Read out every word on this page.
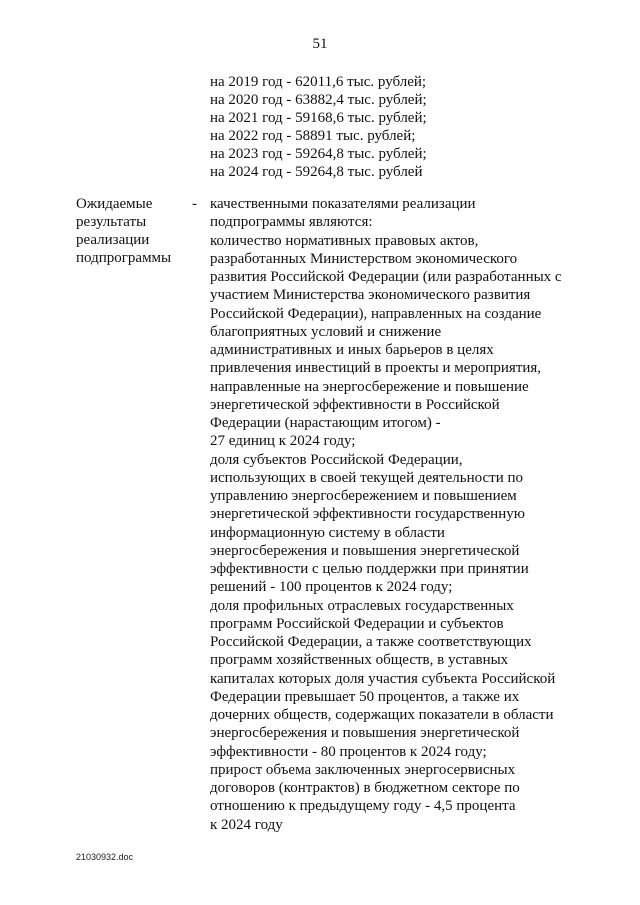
51
на 2019 год - 62011,6 тыс. рублей;
на 2020 год - 63882,4 тыс. рублей;
на 2021 год - 59168,6 тыс. рублей;
на 2022 год - 58891 тыс. рублей;
на 2023 год - 59264,8 тыс. рублей;
на 2024 год - 59264,8 тыс. рублей
Ожидаемые
результаты
реализации
подпрограммы
- качественными показателями реализации
подпрограммы являются:
количество нормативных правовых актов,
разработанных Министерством экономического
развития Российской Федерации (или разработанных с
участием Министерства экономического развития
Российской Федерации), направленных на создание
благоприятных условий и снижение
административных и иных барьеров в целях
привлечения инвестиций в проекты и мероприятия,
направленные на энергосбережение и повышение
энергетической эффективности в Российской
Федерации (нарастающим итогом) -
27 единиц к 2024 году;
доля субъектов Российской Федерации,
использующих в своей текущей деятельности по
управлению энергосбережением и повышением
энергетической эффективности государственную
информационную систему в области
энергосбережения и повышения энергетической
эффективности с целью поддержки при принятии
решений - 100 процентов к 2024 году;
доля профильных отраслевых государственных
программ Российской Федерации и субъектов
Российской Федерации, а также соответствующих
программ хозяйственных обществ, в уставных
капиталах которых доля участия субъекта Российской
Федерации превышает 50 процентов, а также их
дочерних обществ, содержащих показатели в области
энергосбережения и повышения энергетической
эффективности - 80 процентов к 2024 году;
прирост объема заключенных энергосервисных
договоров (контрактов) в бюджетном секторе по
отношению к предыдущему году - 4,5 процента
к 2024 году
21030932.doc
